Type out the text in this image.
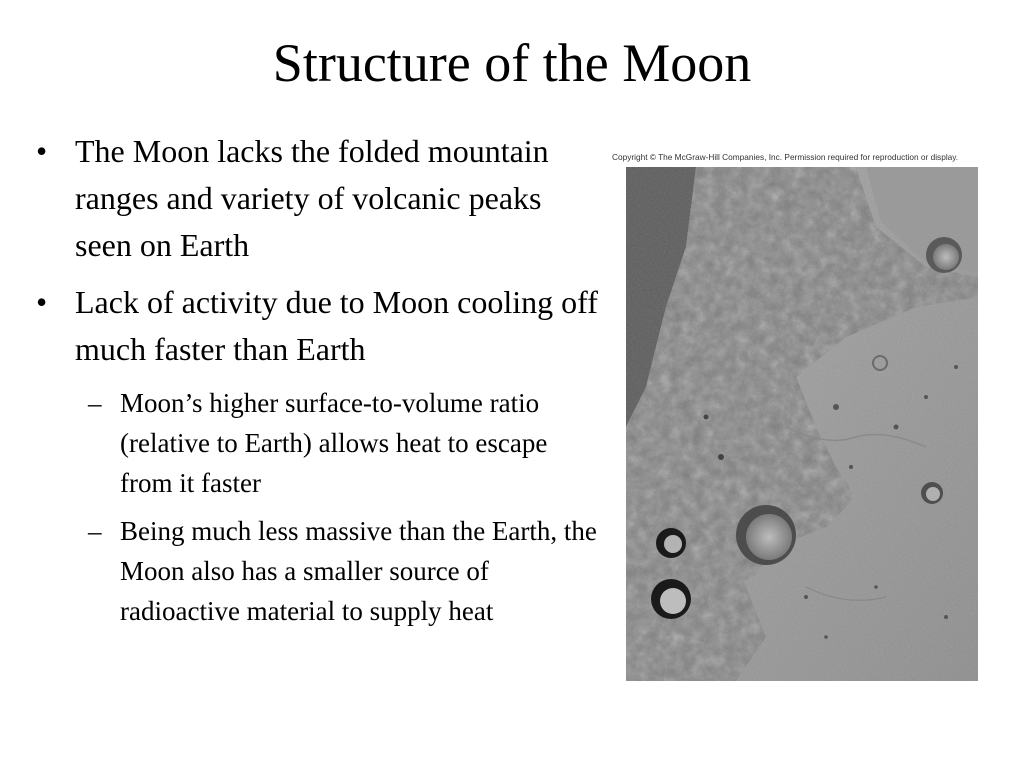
Structure of the Moon
• The Moon lacks the folded mountain ranges and variety of volcanic peaks seen on Earth
• Lack of activity due to Moon cooling off much faster than Earth
– Moon’s higher surface-to-volume ratio (relative to Earth) allows heat to escape from it faster
– Being much less massive than the Earth, the Moon also has a smaller source of radioactive material to supply heat
Copyright © The McGraw-Hill Companies, Inc. Permission required for reproduction or display.
